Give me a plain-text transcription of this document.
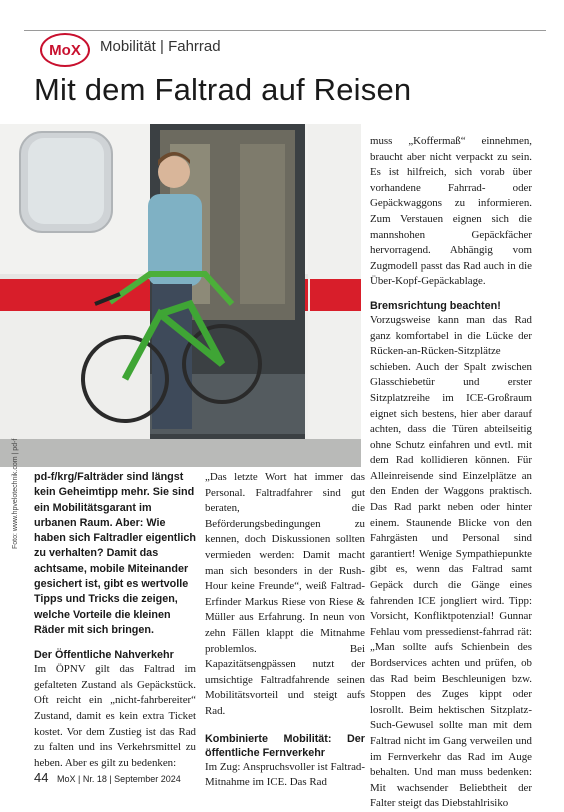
MoX Mobilität | Fahrrad
Mit dem Faltrad auf Reisen
Foto: www.hpvelotechnik.com | pd-f pd-f/krg/Falträder sind längst kein Geheimtipp mehr. Sie sind ein Mobilitätsgarant im urbanen Raum. Aber: Wie haben sich Faltradler eigentlich zu verhalten? Damit das achtsame, mobile Miteinander gesichert ist, gibt es wertvolle Tipps und Tricks die zeigen, welche Vorteile die kleinen Räder mit sich bringen.

Der Öffentliche Nahverkehr

Im ÖPNV gilt das Faltrad im gefalteten Zustand als Gepäckstück. Oft reicht ein „nicht-fahrbereiter“ Zustand, damit es kein extra Ticket kostet. Vor dem Zustieg ist das Rad zu falten und ins Verkehrsmittel zu heben. Aber es gilt zu bedenken:

„Das letzte Wort hat immer das Personal. Faltradfahrer sind gut beraten, die Beförderungsbedingungen zu kennen, doch Diskussionen sollten vermieden werden: Damit macht man sich besonders in der Rush-Hour keine Freunde“, weiß Faltrad-Erfinder Markus Riese von Riese & Müller aus Erfahrung. In neun von zehn Fällen klappt die Mitnahme problemlos. Bei Kapazitätsengpässen nutzt der umsichtige Faltradfahrende seinen Mobilitätsvorteil und steigt aufs Rad.

Kombinierte Mobilität: Der öffentliche Fernverkehr

Im Zug: Anspruchsvoller ist Faltrad-Mitnahme im ICE. Das Rad

muss „Koffermaß“ einnehmen, braucht aber nicht verpackt zu sein. Es ist hilfreich, sich vorab über vorhandene Fahrrad- oder Gepäckwaggons zu informieren. Zum Verstauen eignen sich die mannshohen Gepäckfächer hervorragend. Abhängig vom Zugmodell passt das Rad auch in die Über-Kopf-Gepäckablage.

Bremsrichtung beachten!

Vorzugsweise kann man das Rad ganz komfortabel in die Lücke der Rücken-an-Rücken-Sitzplätze schieben. Auch der Spalt zwischen Glasschiebetür und erster Sitzplatzreihe im ICE-Großraum eignet sich bestens, hier aber darauf achten, dass die Türen abteilseitig ohne Schutz einfahren und evtl. mit dem Rad kollidieren können. Für Alleinreisende sind Einzelplätze an den Enden der Waggons praktisch. Das Rad parkt neben oder hinter einem. Staunende Blicke von den Fahrgästen und Personal sind garantiert! Wenige Sympathiepunkte gibt es, wenn das Faltrad samt Gepäck durch die Gänge eines fahrenden ICE jongliert wird. Tipp: Vorsicht, Konfliktpotenzial! Gunnar Fehlau vom pressedienst-fahrrad rät: „Man sollte aufs Schienbein des Bordservices achten und prüfen, ob das Rad beim Beschleunigen bzw. Stoppen des Zuges kippt oder losrollt. Beim hektischen Sitzplatz-Such-Gewusel sollte man mit dem Faltrad nicht im Gang verweilen und im Fernverkehr das Rad im Auge behalten. Und man muss bedenken: Mit wachsender Beliebtheit der Falter steigt das Diebstahlrisiko

44 MoX | Nr. 18 | September 2024
